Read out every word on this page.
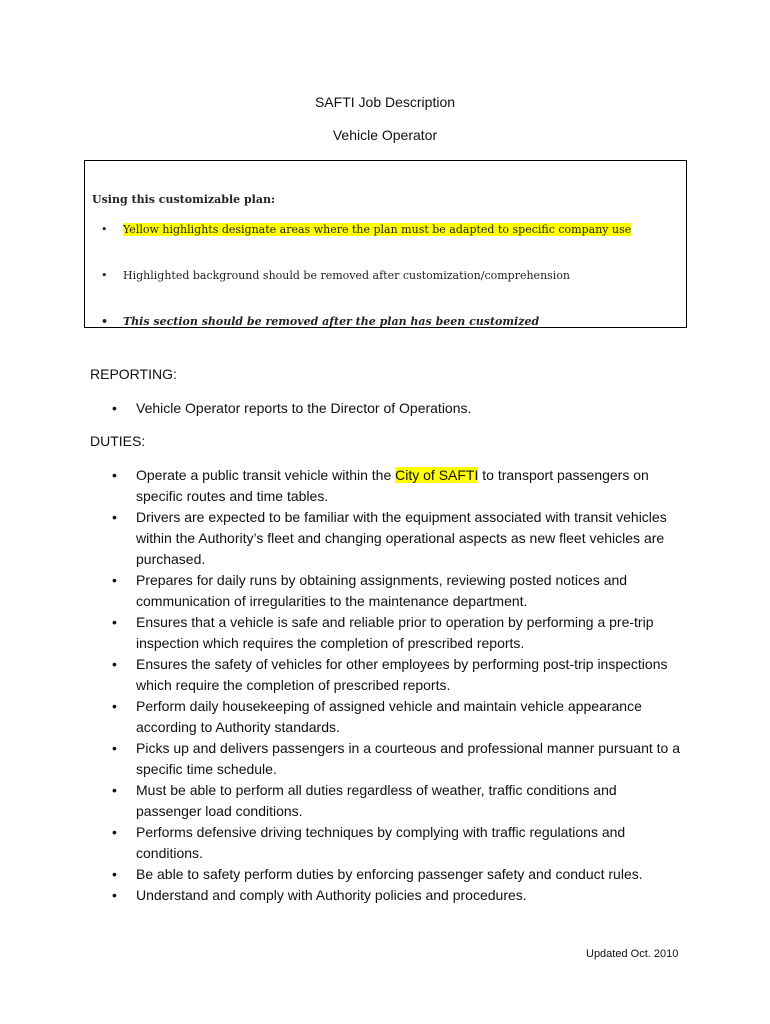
SAFTI Job Description
Vehicle Operator
Using this customizable plan:
• Yellow highlights designate areas where the plan must be adapted to specific company use
• Highlighted background should be removed after customization/comprehension
• This section should be removed after the plan has been customized
REPORTING:
• Vehicle Operator reports to the Director of Operations.
DUTIES:
• Operate a public transit vehicle within the City of SAFTI to transport passengers on specific routes and time tables.
• Drivers are expected to be familiar with the equipment associated with transit vehicles within the Authority’s fleet and changing operational aspects as new fleet vehicles are purchased.
• Prepares for daily runs by obtaining assignments, reviewing posted notices and communication of irregularities to the maintenance department.
• Ensures that a vehicle is safe and reliable prior to operation by performing a pre-trip inspection which requires the completion of prescribed reports.
• Ensures the safety of vehicles for other employees by performing post-trip inspections which require the completion of prescribed reports.
• Perform daily housekeeping of assigned vehicle and maintain vehicle appearance according to Authority standards.
• Picks up and delivers passengers in a courteous and professional manner pursuant to a specific time schedule.
• Must be able to perform all duties regardless of weather, traffic conditions and passenger load conditions.
• Performs defensive driving techniques by complying with traffic regulations and conditions.
• Be able to safety perform duties by enforcing passenger safety and conduct rules.
• Understand and comply with Authority policies and procedures.
Updated Oct. 2010
